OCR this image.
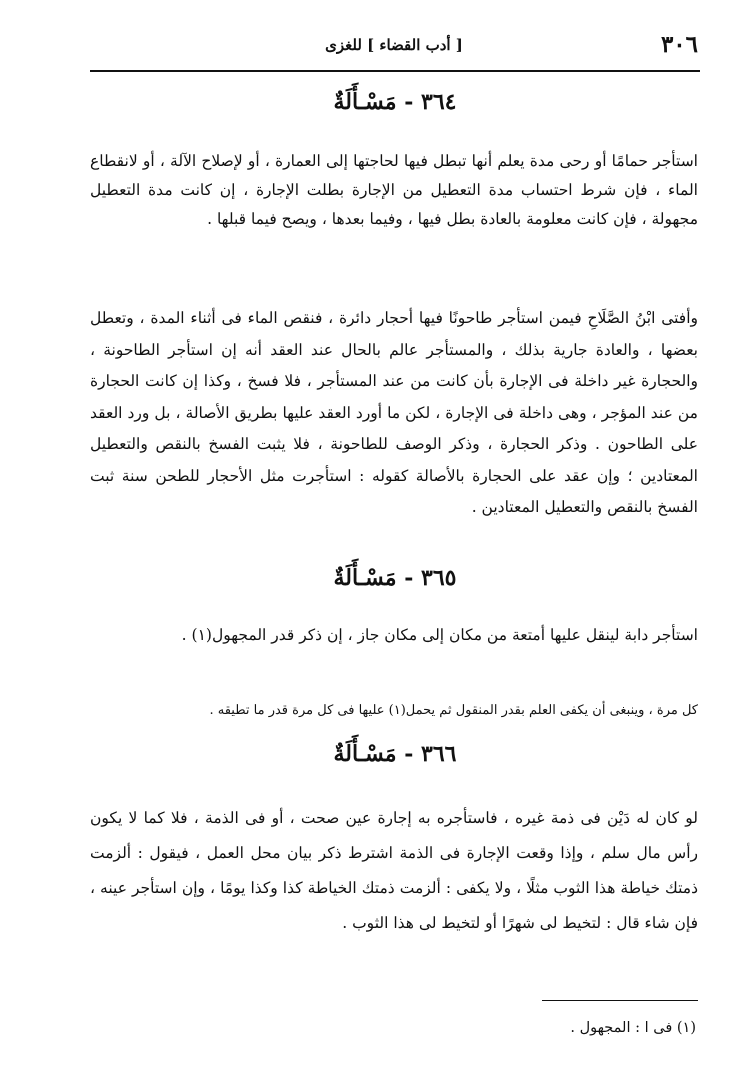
٣٠٦
[ أدب القضاء ] للغزى
٣٦٤ - مَسْـأَلَةٌ

استأجر حمامًا أو رحى مدة يعلم أنها تبطل فيها لحاجتها إلى العمارة ، أو لإصلاح الآلة ، أو لانقطاع الماء ، فإن شرط احتساب مدة التعطيل من الإجارة بطلت الإجارة ، إن كانت مدة التعطيل مجهولة ، فإن كانت معلومة بالعادة بطل فيها ، وفيما بعدها ، ويصح فيما قبلها .

وأفتى ابْنُ الصَّلَاحِ فيمن استأجر طاحونًا فيها أحجار دائرة ، فنقص الماء فى أثناء المدة ، وتعطل بعضها ، والعادة جارية بذلك ، والمستأجر عالم بالحال عند العقد أنه إن استأجر الطاحونة ، والحجارة غير داخلة فى الإجارة بأن كانت من عند المستأجر ، فلا فسخ ، وكذا إن كانت الحجارة من عند المؤجر ، وهى داخلة فى الإجارة ، لكن ما أورد العقد عليها بطريق الأصالة ، بل ورد العقد على الطاحون . وذكر الحجارة ، وذكر الوصف للطاحونة ، فلا يثبت الفسخ بالنقص والتعطيل المعتادين ؛ وإن عقد على الحجارة بالأصالة كقوله : استأجرت مثل الأحجار للطحن سنة ثبت الفسخ بالنقص والتعطيل المعتادين .

٣٦٥ - مَسْـأَلَةٌ

استأجر دابة لينقل عليها أمتعة من مكان إلى مكان جاز ، إن ذكر قدر المجهول(١) .

كل مرة ، وينبغى أن يكفى العلم بقدر المنقول ثم يحمل(١) عليها فى كل مرة قدر ما تطيقه .
٣٦٦ - مَسْـأَلَةٌ

لو كان له دَيْن فى ذمة غيره ، فاستأجره به إجارة عين صحت ، أو فى الذمة ، فلا كما لا يكون رأس مال سلم ، وإذا وقعت الإجارة فى الذمة اشترط ذكر بيان محل العمل ، فيقول : ألزمت ذمتك خياطة هذا الثوب مثلًا ، ولا يكفى : ألزمت ذمتك الخياطة كذا وكذا يومًا ، وإن استأجر عينه ، فإن شاء قال : لتخيط لى شهرًا أو لتخيط لى هذا الثوب .

(١) فى ا : المجهول .
